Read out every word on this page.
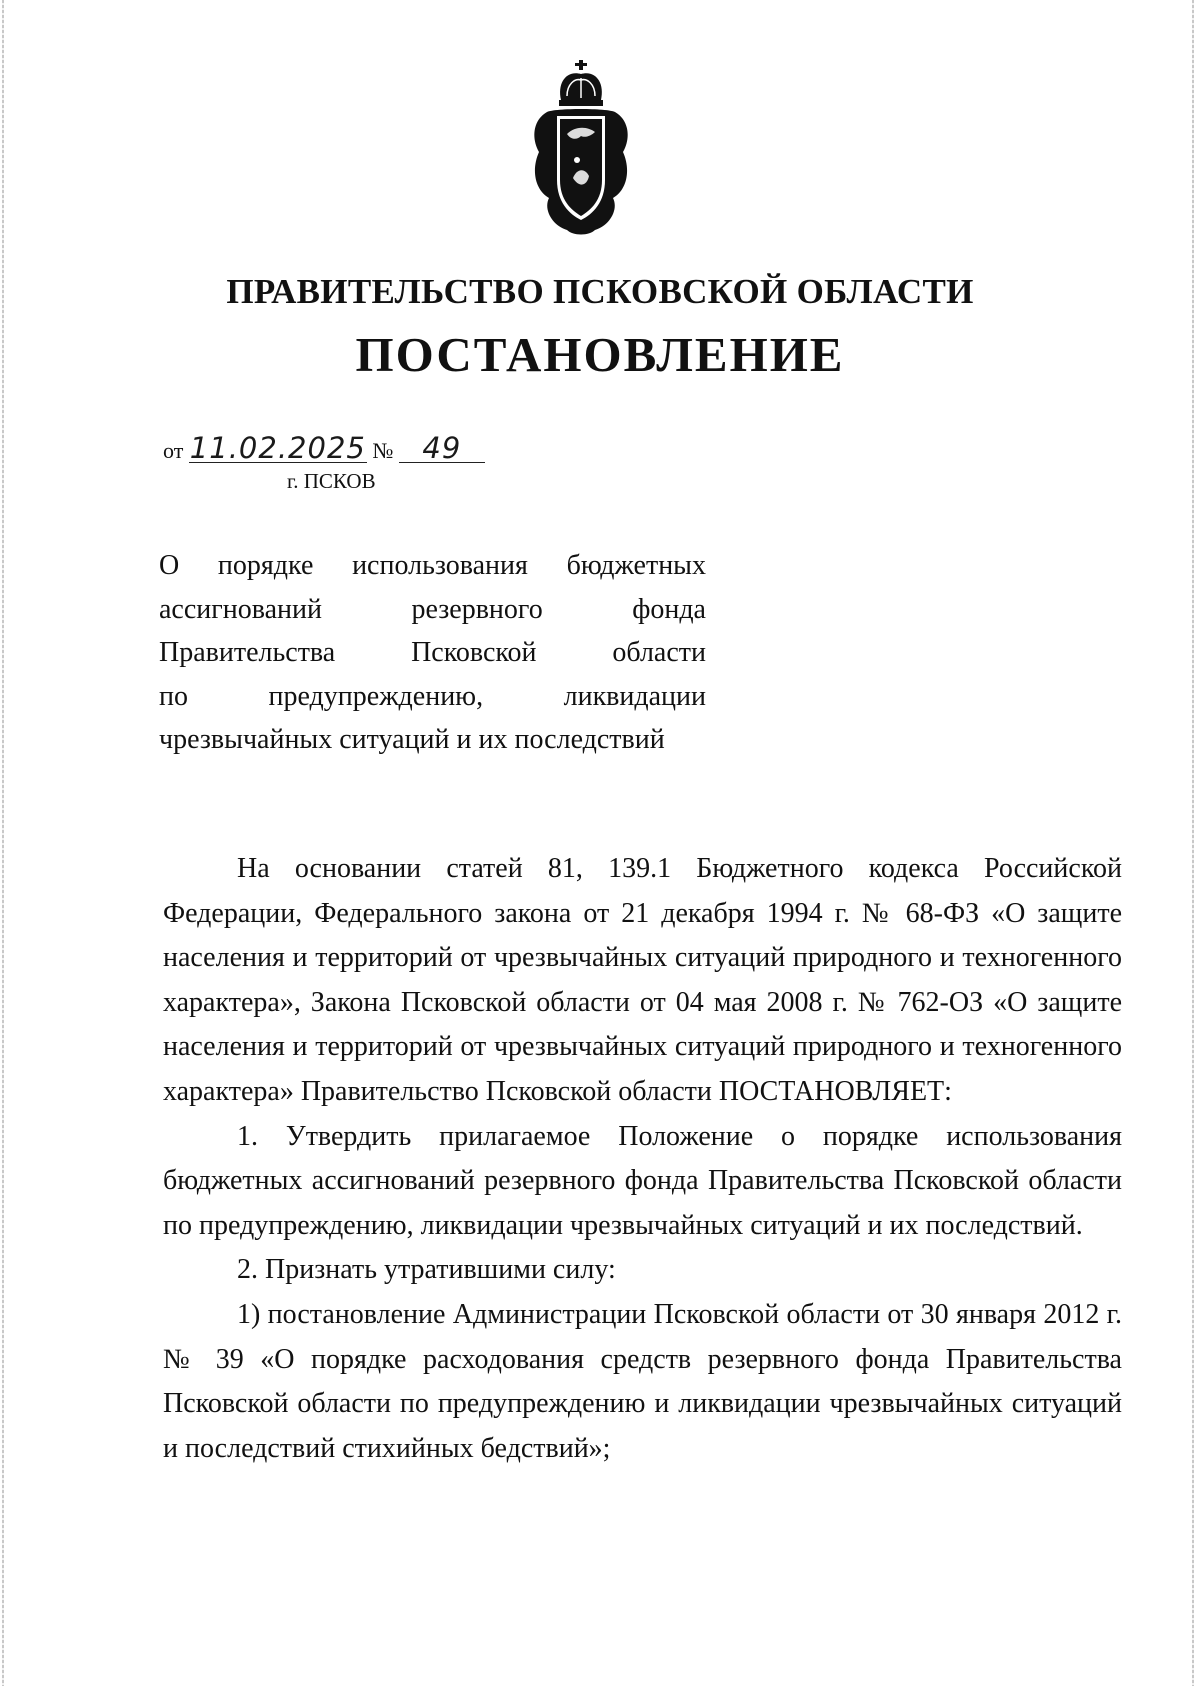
ПРАВИТЕЛЬСТВО ПСКОВСКОЙ ОБЛАСТИ
ПОСТАНОВЛЕНИЕ
от 11.02.2025 № 49
г. ПСКОВ
О порядке использования бюджетных
ассигнований резервного фонда
Правительства Псковской области
по предупреждению, ликвидации
чрезвычайных ситуаций и их последствий

На основании статей 81, 139.1 Бюджетного кодекса Российской Федерации, Федерального закона от 21 декабря 1994 г. № 68-ФЗ «О защите населения и территорий от чрезвычайных ситуаций природного и техногенного характера», Закона Псковской области от 04 мая 2008 г. № 762-ОЗ «О защите населения и территорий от чрезвычайных ситуаций природного и техногенного характера» Правительство Псковской области ПОСТАНОВЛЯЕТ:

1. Утвердить прилагаемое Положение о порядке использования бюджетных ассигнований резервного фонда Правительства Псковской области по предупреждению, ликвидации чрезвычайных ситуаций и их последствий.

2. Признать утратившими силу:

1) постановление Администрации Псковской области от 30 января 2012 г. № 39 «О порядке расходования средств резервного фонда Правительства Псковской области по предупреждению и ликвидации чрезвычайных ситуаций и последствий стихийных бедствий»;
